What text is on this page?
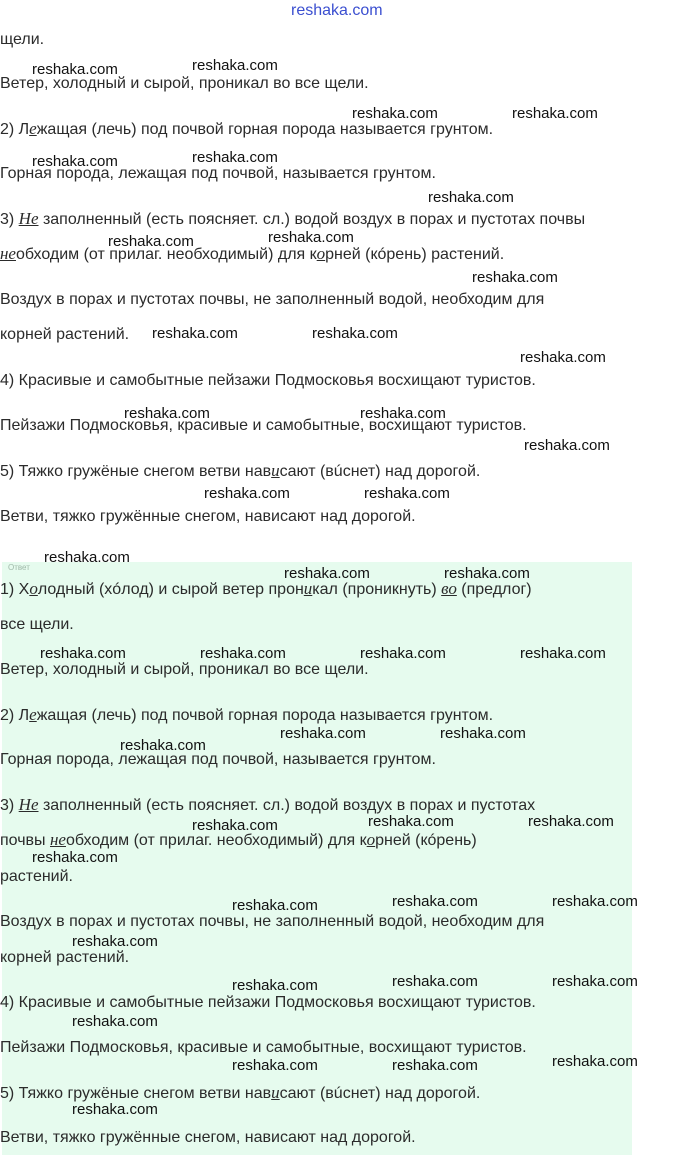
reshaka.com
щели.
Ветер, холодный и сырой, проникал во все щели.
2) Лежащая (лечь) под почвой горная порода называется грунтом.
Горная порода, лежащая под почвой, называется грунтом.
3) Не заполненный (есть поясняет. сл.) водой воздух в порах и пустотах почвы
необходим (от прилаг. необходимый) для корней (кóрень) растений.
Воздух в порах и пустотах почвы, не заполненный водой, необходим для
корней растений.
4) Красивые и самобытные пейзажи Подмосковья восхищают туристов.
Пейзажи Подмосковья, красивые и самобытные, восхищают туристов.
5) Тяжко гружёные снегом ветви нависают (вúснет) над дорогой.
Ветви, тяжко гружённые снегом, нависают над дорогой.
Ответ
1) Холодный (хóлод) и сырой ветер проникал (проникнуть) во (предлог)
все щели.
Ветер, холодный и сырой, проникал во все щели.
2) Лежащая (лечь) под почвой горная порода называется грунтом.
Горная порода, лежащая под почвой, называется грунтом.
3) Не заполненный (есть поясняет. сл.) водой воздух в порах и пустотах
почвы необходим (от прилаг. необходимый) для корней (кóрень)
растений.
Воздух в порах и пустотах почвы, не заполненный водой, необходим для
корней растений.
4) Красивые и самобытные пейзажи Подмосковья восхищают туристов.
Пейзажи Подмосковья, красивые и самобытные, восхищают туристов.
5) Тяжко гружёные снегом ветви нависают (вúснет) над дорогой.
Ветви, тяжко гружённые снегом, нависают над дорогой.
reshaka.com	reshaka.com
reshaka.com	reshaka.com
reshaka.com	reshaka.com
reshaka.com
reshaka.com	reshaka.com
reshaka.com
reshaka.com	reshaka.com
reshaka.com
reshaka.com	reshaka.com
reshaka.com
reshaka.com	reshaka.com
reshaka.com
reshaka.com	reshaka.com
reshaka.com	reshaka.com	reshaka.com	reshaka.com
reshaka.com	reshaka.com
reshaka.com
reshaka.com	reshaka.com	reshaka.com
reshaka.com
reshaka.com	reshaka.com	reshaka.com
reshaka.com
reshaka.com	reshaka.com	reshaka.com
reshaka.com
reshaka.com	reshaka.com	reshaka.com
reshaka.com
